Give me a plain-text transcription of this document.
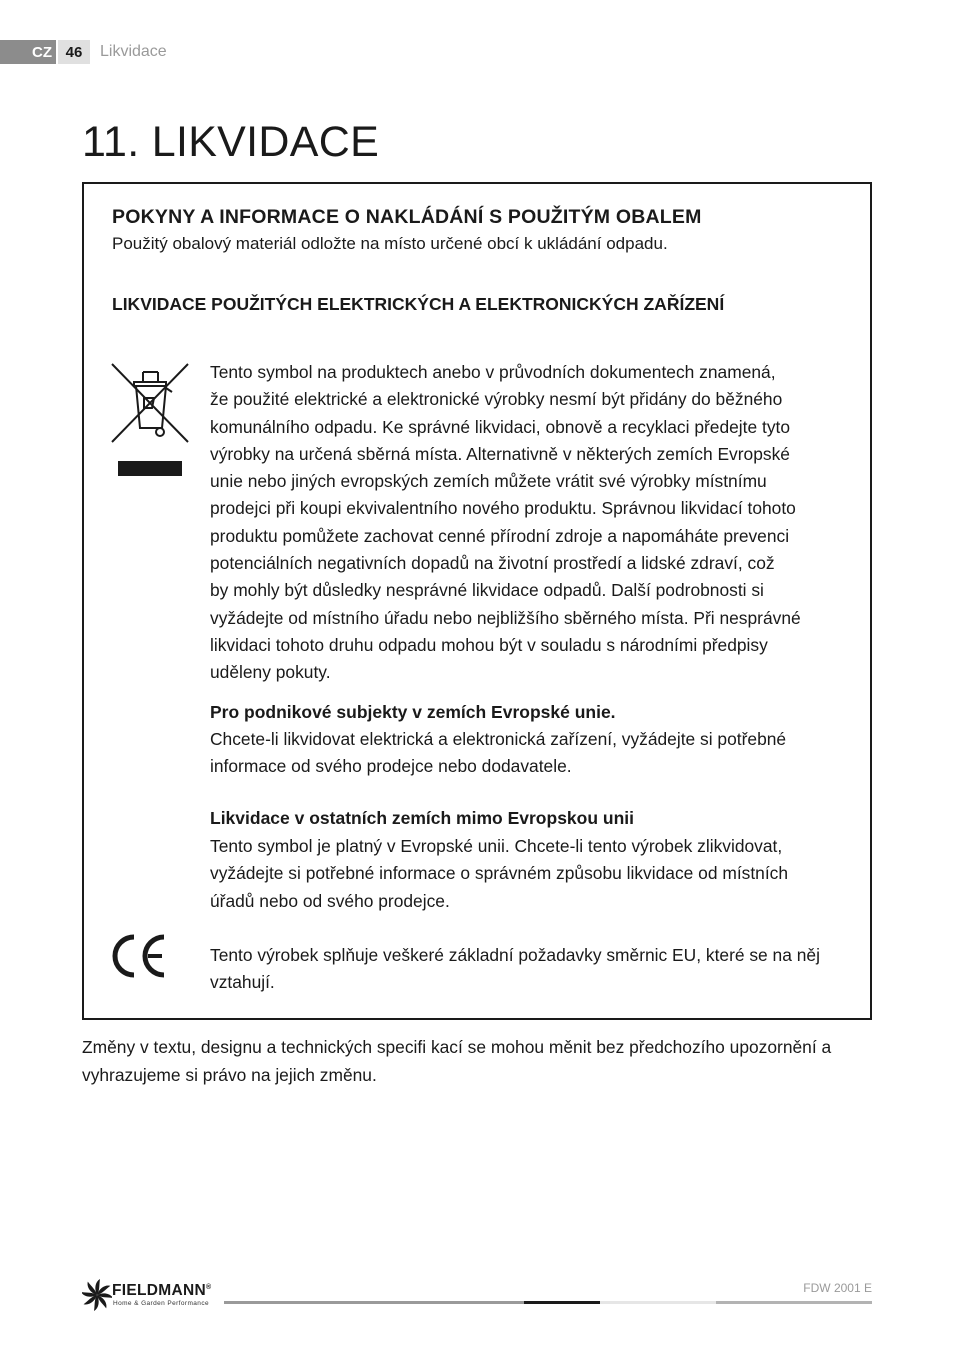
CZ 46	Likvidace
11. LIKVIDACE
POKYNY A INFORMACE O NAKLÁDÁNÍ S POUŽITÝM OBALEM

Použitý obalový materiál odložte na místo určené obcí k ukládání odpadu.

LIKVIDACE POUŽITÝCH ELEKTRICKÝCH A ELEKTRONICKÝCH ZAŘÍZENÍ

Tento symbol na produktech anebo v průvodních dokumentech znamená,
že použité elektrické a elektronické výrobky nesmí být přidány do běžného
komunálního odpadu. Ke správné likvidaci, obnově a recyklaci předejte tyto
výrobky na určená sběrná místa. Alternativně v některých zemích Evropské
unie nebo jiných evropských zemích můžete vrátit své výrobky místnímu
prodejci při koupi ekvivalentního nového produktu. Správnou likvidací tohoto
produktu pomůžete zachovat cenné přírodní zdroje a napomáháte prevenci
potenciálních negativních dopadů na životní prostředí a lidské zdraví, což
by mohly být důsledky nesprávné likvidace odpadů. Další podrobnosti si
vyžádejte od místního úřadu nebo nejbližšího sběrného místa. Při nesprávné
likvidaci tohoto druhu odpadu mohou být v souladu s národními předpisy
uděleny pokuty.

Pro podnikové subjekty v zemích Evropské unie.

Chcete-li likvidovat elektrická a elektronická zařízení, vyžádejte si potřebné
informace od svého prodejce nebo dodavatele.

Likvidace v ostatních zemích mimo Evropskou unii

Tento symbol je platný v Evropské unii. Chcete-li tento výrobek zlikvidovat,
vyžádejte si potřebné informace o správném způsobu likvidace od místních
úřadů nebo od svého prodejce.

Tento výrobek splňuje veškeré základní požadavky směrnic EU, které se na něj
vztahují.

Změny v textu, designu a technických specifi kací se mohou měnit bez předchozího upozornění a
vyhrazujeme si právo na jejich změnu.

FIELDMANN®
Home & Garden Performance
FDW 2001 E
